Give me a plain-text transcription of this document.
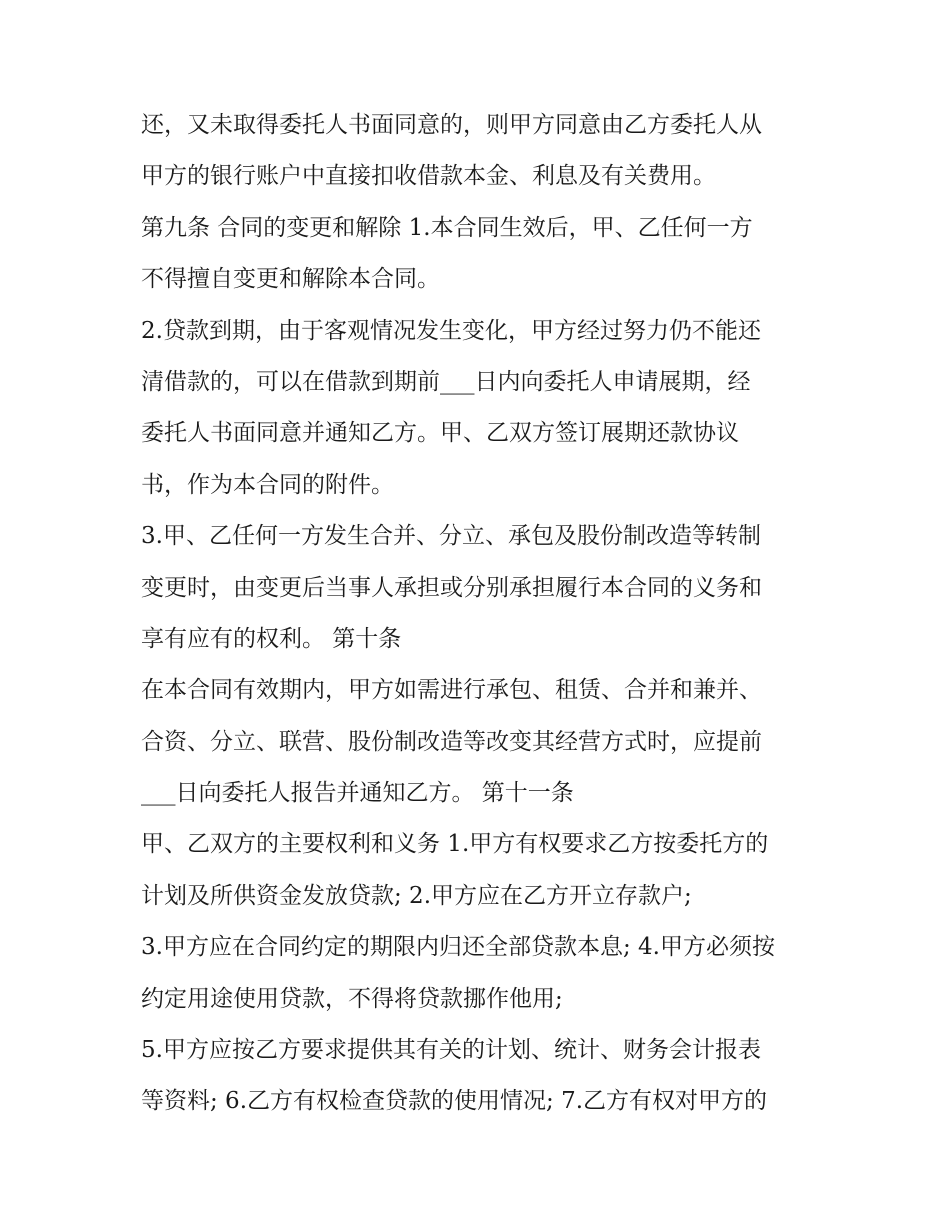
还，又未取得委托人书面同意的，则甲方同意由乙方委托人从
甲方的银行账户中直接扣收借款本金、利息及有关费用。
第九条 合同的变更和解除 1.本合同生效后，甲、乙任何一方
不得擅自变更和解除本合同。
2.贷款到期，由于客观情况发生变化，甲方经过努力仍不能还
清借款的，可以在借款到期前___日内向委托人申请展期，经
委托人书面同意并通知乙方。甲、乙双方签订展期还款协议
书，作为本合同的附件。
3.甲、乙任何一方发生合并、分立、承包及股份制改造等转制
变更时，由变更后当事人承担或分别承担履行本合同的义务和
享有应有的权利。 第十条
在本合同有效期内，甲方如需进行承包、租赁、合并和兼并、
合资、分立、联营、股份制改造等改变其经营方式时，应提前
___日向委托人报告并通知乙方。 第十一条
甲、乙双方的主要权利和义务 1.甲方有权要求乙方按委托方的
计划及所供资金发放贷款; 2.甲方应在乙方开立存款户;
3.甲方应在合同约定的期限内归还全部贷款本息; 4.甲方必须按
约定用途使用贷款，不得将贷款挪作他用;
5.甲方应按乙方要求提供其有关的计划、统计、财务会计报表
等资料; 6.乙方有权检查贷款的使用情况; 7.乙方有权对甲方的
